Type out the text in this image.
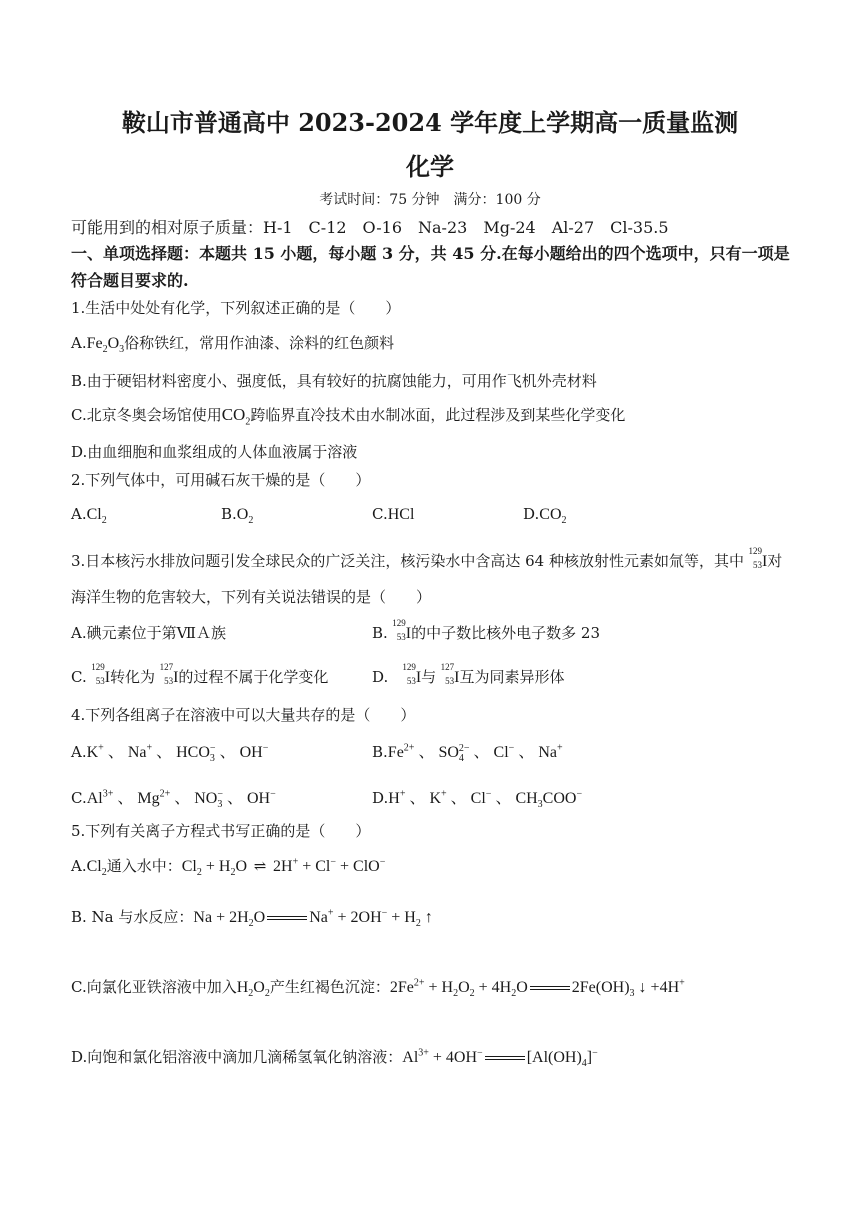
鞍山市普通高中 2023-2024 学年度上学期高一质量监测
化学
考试时间：75 分钟　满分：100 分
可能用到的相对原子质量：H-1　C-12　O-16　Na-23　Mg-24　Al-27　Cl-35.5
一、单项选择题：本题共 15 小题，每小题 3 分，共 45 分.在每小题给出的四个选项中，只有一项是符合题目要求的.
1.生活中处处有化学，下列叙述正确的是（　　）
$A.Fe_2O_3$俗称铁红，常用作油漆、涂料的红色颜料
B.由于硬铝材料密度小、强度低，具有较好的抗腐蚀能力，可用作飞机外壳材料
C.北京冬奥会场馆使用$CO_2$跨临界直冷技术由水制冰面，此过程涉及到某些化学变化
D.由血细胞和血浆组成的人体血液属于溶液
2.下列气体中，可用碱石灰干燥的是（　　）
$A.Cl_2$	$B.O_2$	C.HCl	$D.CO_2$
3.日本核污水排放问题引发全球民众的广泛关注，核污染水中含高达 64 种核放射性元素如氚等，其中
129
53 I对
海洋生物的危害较大，下列有关说法错误的是（　　）
A.碘元素位于第ⅦＡ族	B.
129
53 I的中子数比核外电子数多 23
C.
129
53 I转化为
127
53 I的过程不属于化学变化	D.
129
53 I与
127
53 I互为同素异形体
4.下列各组离子在溶液中可以大量共存的是（　　）
A.K+ 、 Na+ 、 $HCO_3^-$ 、 OH−	$B.Fe^{2+}$ 、 $SO_4^{2-}$ 、 Cl− 、 Na+
$C.Al^{3+}$ 、 $Mg^{2+}$ 、 $NO_3^-$ 、 OH−	D.H+ 、 K+ 、 Cl− 、 $CH_3COO^-$
5.下列有关离子方程式书写正确的是（　　）
$A.Cl_2$通入水中：$Cl_2 + H_2O$ ⇌ 2H+ + Cl− + ClO−
B. Na 与水反应：$Na + 2H_2O$	$Na^+ + 2OH^- + H_2$ ↑
C.向氯化亚铁溶液中加入$H_2O_2$产生红褐色沉淀：$2Fe^{2+} + H_2O_2 + 4H_2O$	$2Fe(OH)_3$ ↓ +4H+
D.向饱和氯化铝溶液中滴加几滴稀氢氧化钠溶液：$Al^{3+} + 4OH^-$	$[Al(OH)_4]^-$
